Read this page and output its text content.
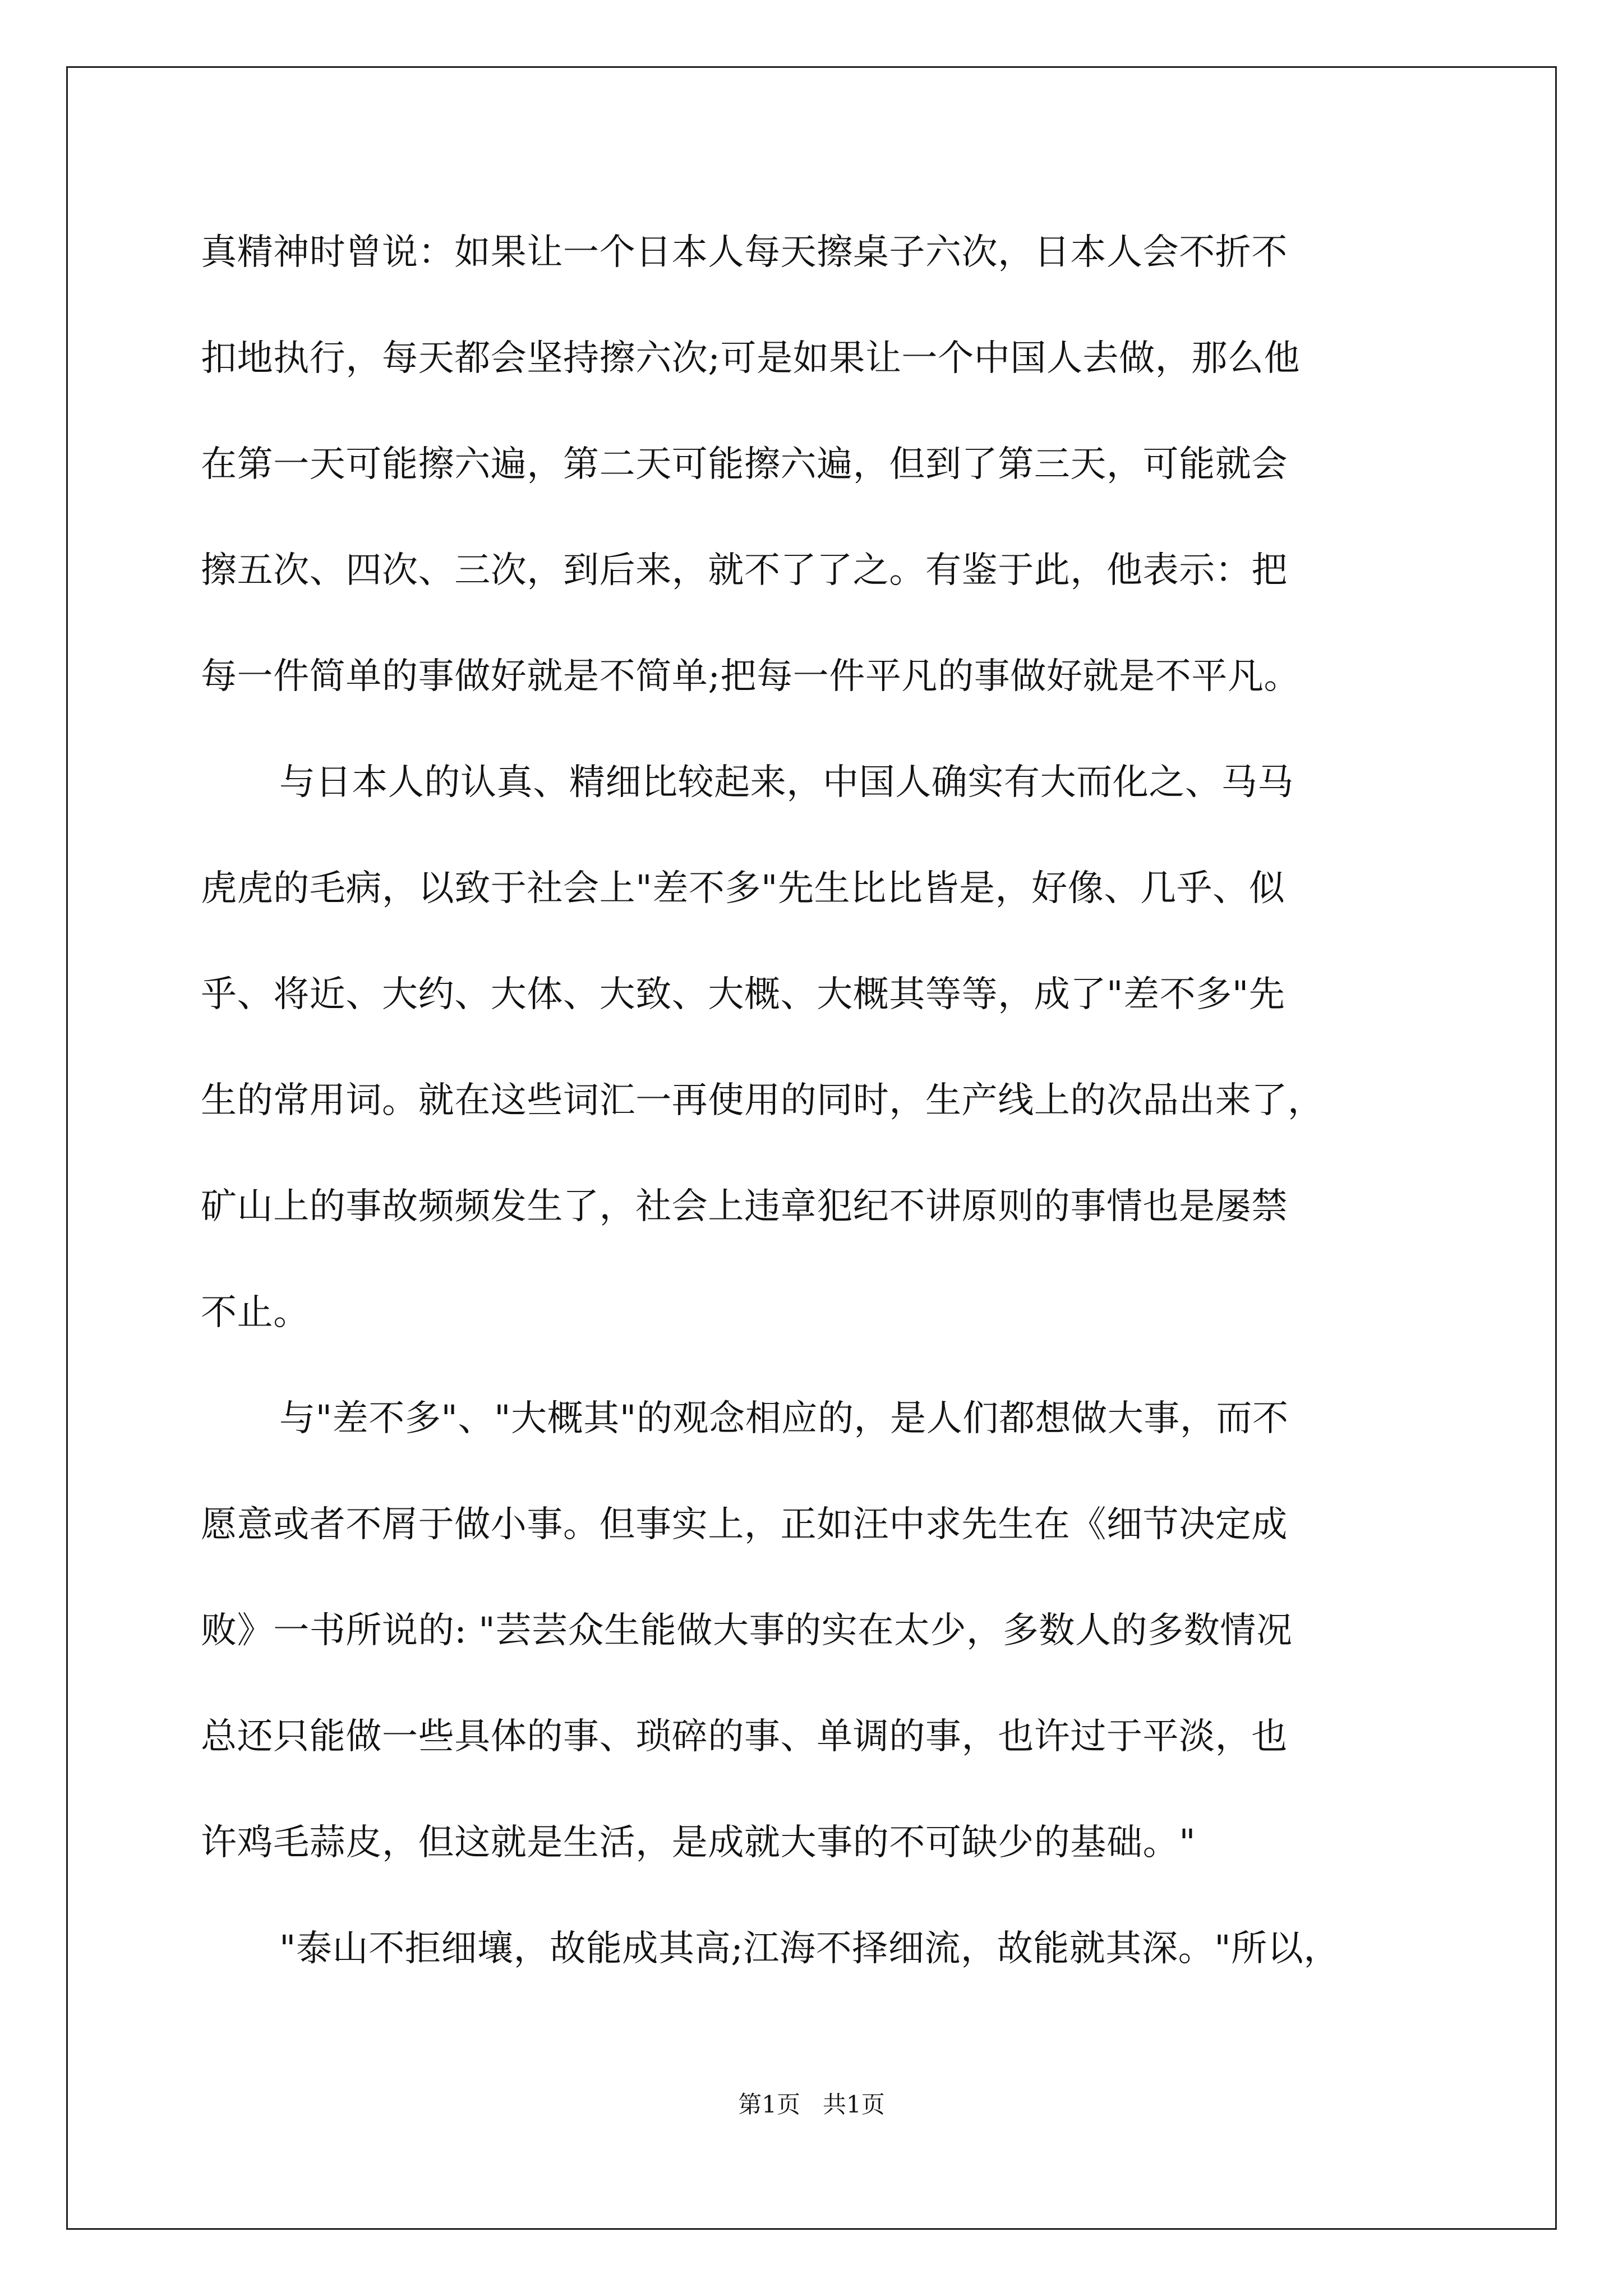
真精神时曾说：如果让一个日本人每天擦桌子六次，日本人会不折不
扣地执行，每天都会坚持擦六次;可是如果让一个中国人去做，那么他
在第一天可能擦六遍，第二天可能擦六遍，但到了第三天，可能就会
擦五次、四次、三次，到后来，就不了了之。有鉴于此，他表示：把
每一件简单的事做好就是不简单;把每一件平凡的事做好就是不平凡。
与日本人的认真、精细比较起来，中国人确实有大而化之、马马
虎虎的毛病，以致于社会上"差不多"先生比比皆是，好像、几乎、似
乎、将近、大约、大体、大致、大概、大概其等等，成了"差不多"先
生的常用词。就在这些词汇一再使用的同时，生产线上的次品出来了，
矿山上的事故频频发生了，社会上违章犯纪不讲原则的事情也是屡禁
不止。
与"差不多"、"大概其"的观念相应的，是人们都想做大事，而不
愿意或者不屑于做小事。但事实上，正如汪中求先生在《细节决定成
败》一书所说的: "芸芸众生能做大事的实在太少，多数人的多数情况
总还只能做一些具体的事、琐碎的事、单调的事，也许过于平淡，也
许鸡毛蒜皮，但这就是生活，是成就大事的不可缺少的基础。"
"泰山不拒细壤，故能成其高;江海不择细流，故能就其深。"所以，
第1页   共1页
